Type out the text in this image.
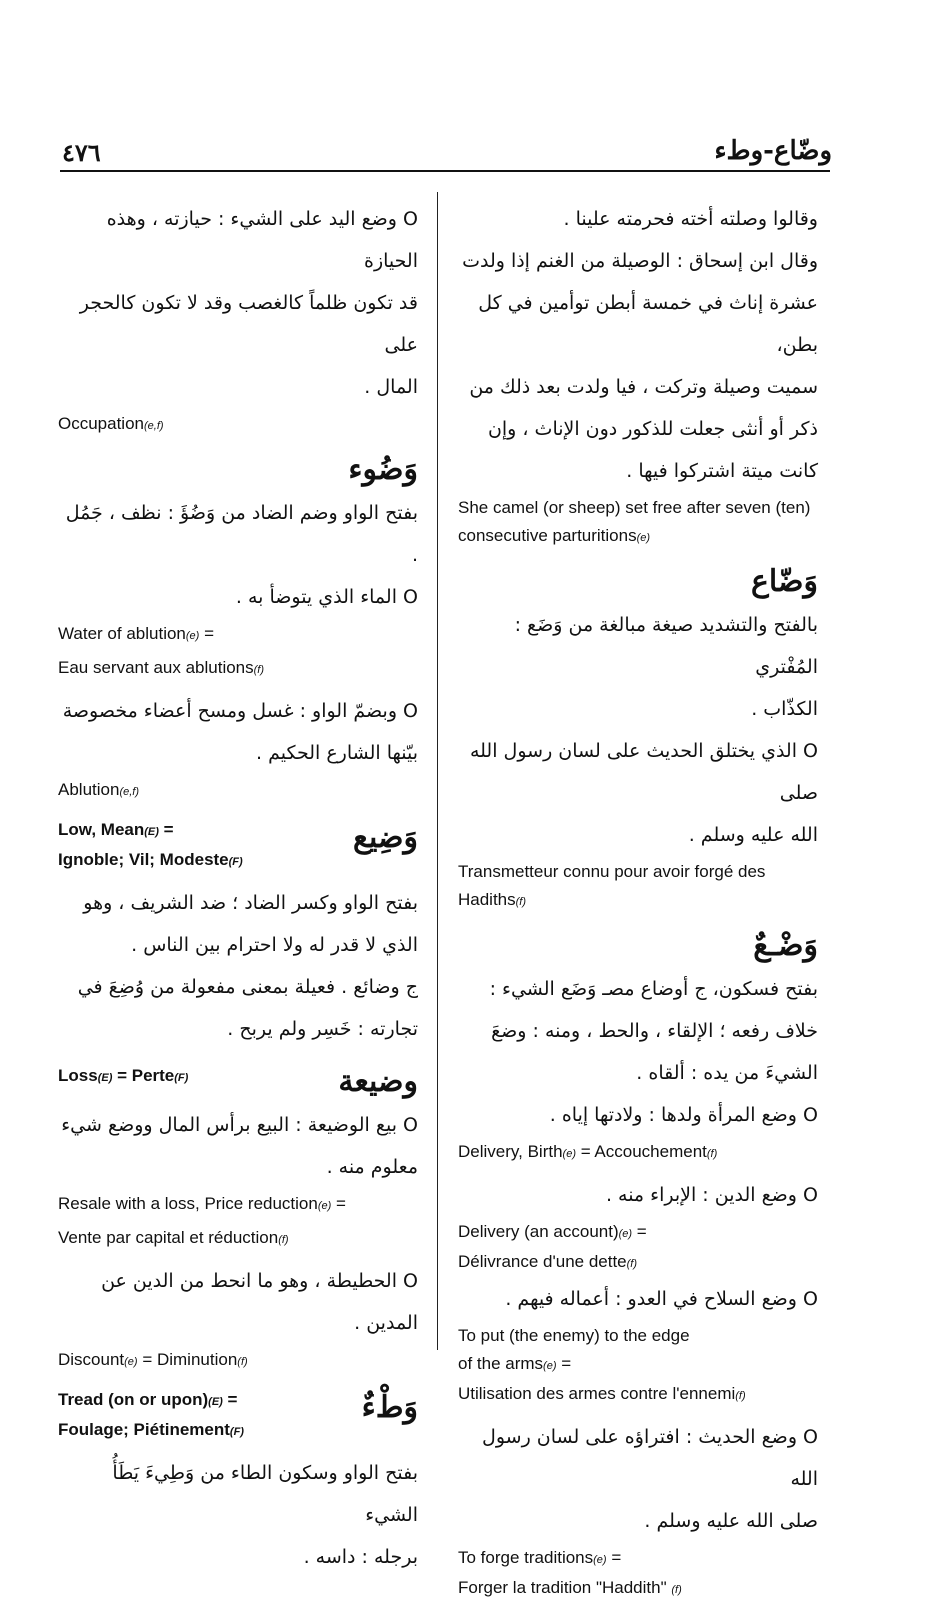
٤٧٦	وضّاع-وطء
وقالوا وصلته أخته فحرمته علينا .
وقال ابن إسحاق : الوصيلة من الغنم إذا ولدت
عشرة إناث في خمسة أبطن توأمين في كل بطن،
سميت وصيلة وتركت ، فيا ولدت بعد ذلك من
ذكر أو أنثى جعلت للذكور دون الإناث ، وإن
كانت ميتة اشتركوا فيها .
She camel (or sheep) set free after seven (ten) consecutive parturitions(e)
وَضّاع
بالفتح والتشديد صيغة مبالغة من وَضَع : المُفْتري
الكذّاب .
O الذي يختلق الحديث على لسان رسول الله صلى
الله عليه وسلم .
Transmetteur connu pour avoir forgé des Hadiths(f)
وَضْـعٌ
بفتح فسكون، ج أوضاع مصـ وَضَع الشيء :
خلاف رفعه ؛ الإلقاء ، والحط ، ومنه : وضعَ
الشيءَ من يده : ألقاه .
O وضع المرأة ولدها : ولادتها إياه .
Delivery, Birth(e) = Accouchement(f)
O وضع الدين : الإبراء منه .
Delivery (an account)(e) =
Délivrance d'une dette(f)
O وضع السلاح في العدو : أعماله فيهم .
To put (the enemy) to the edge
of the arms(e) =
Utilisation des armes contre l'ennemi(f)
O وضع الحديث : افتراؤه على لسان رسول الله
صلى الله عليه وسلم .
To forge traditions(e) =
Forger la tradition "Haddith" (f)
O وضع اليد على الشيء : حيازته ، وهذه الحيازة
قد تكون ظلماً كالغصب وقد لا تكون كالحجر على
المال .
Occupation(e,f)
وَضُوء
بفتح الواو وضم الضاد من وَضُؤَ : نظف ، جَمُل .
O الماء الذي يتوضأ به .
Water of ablution(e) =
Eau servant aux ablutions(f)
O وبضمّ الواو : غسل ومسح أعضاء مخصوصة
بيّنها الشارع الحكيم .
Ablution(e,f)
Low, Mean(E) =
Ignoble; Vil; Modeste(F)
وَضِيع
بفتح الواو وكسر الضاد ؛ ضد الشريف ، وهو
الذي لا قدر له ولا احترام بين الناس .
ج وضائع . فعيلة بمعنى مفعولة من وُضِعَ في
تجارته : خَسِر ولم يربح .
Loss(E) = Perte(F)	وضيعة
O بيع الوضيعة : البيع برأس المال ووضع شيء
معلوم منه .
Resale with a loss, Price reduction(e) =
Vente par capital et réduction(f)
O الحطيطة ، وهو ما انحط من الدين عن المدين .
Discount(e) = Diminution(f)
Tread (on or upon)(E) =
Foulage; Piétinement(F)
وَطْءٌ
بفتح الواو وسكون الطاء من وَطِيءَ يَطَأُ الشيء
برجله : داسه .
